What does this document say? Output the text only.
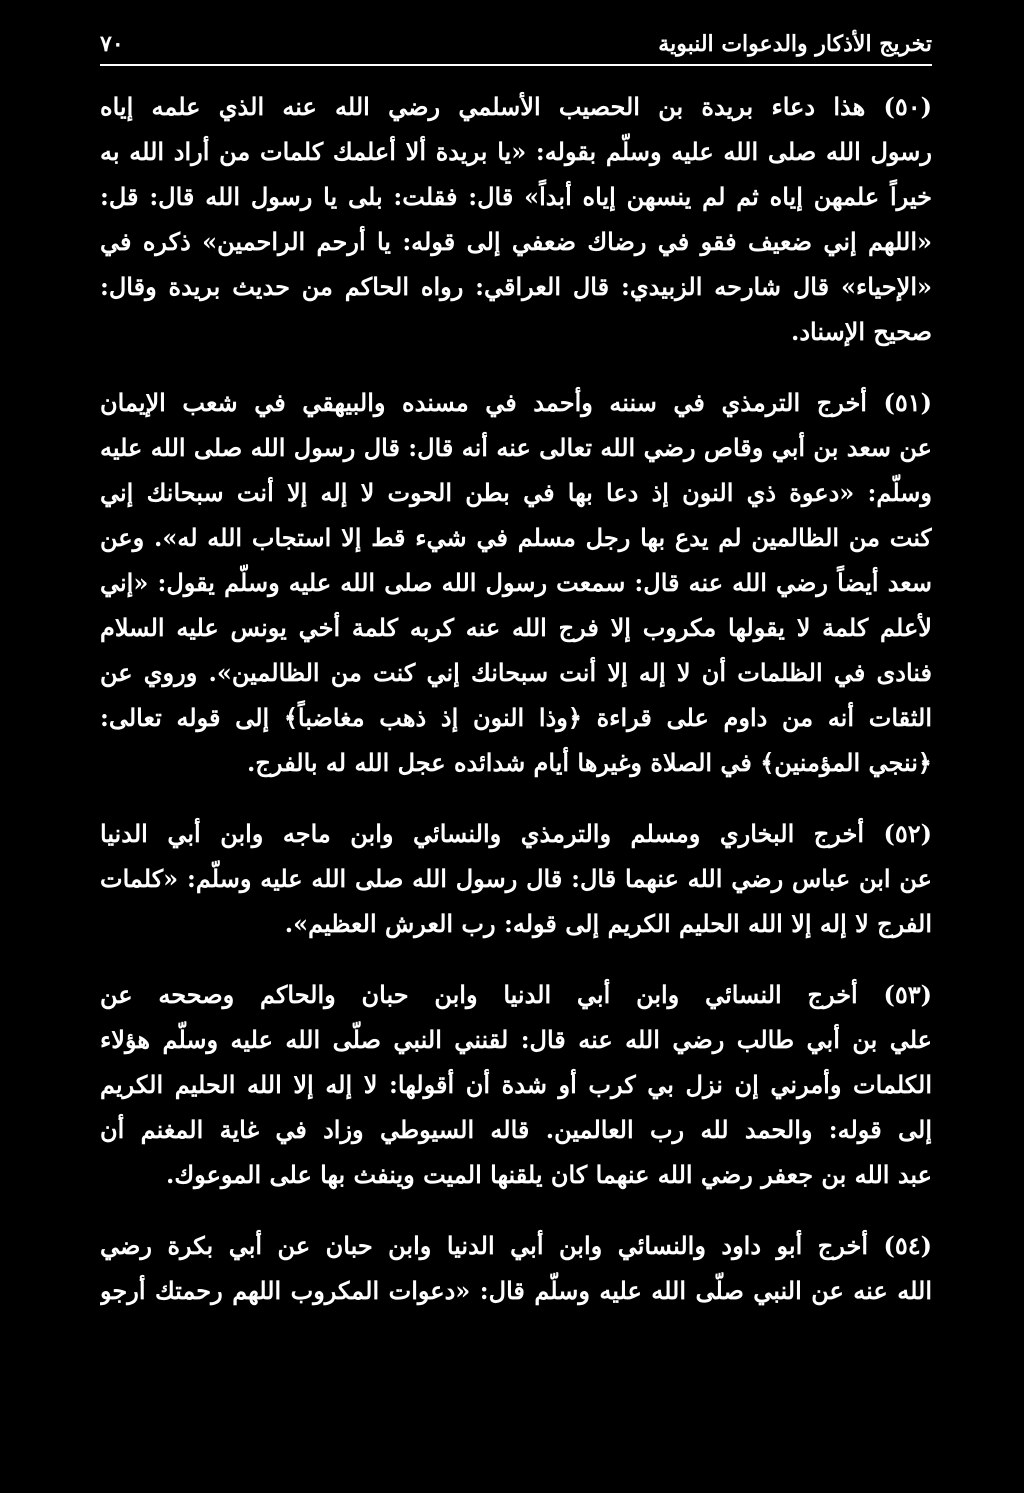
تخريج الأذكار والدعوات النبوية
٧٠
(٥٠) هذا دعاء بريدة بن الحصيب الأسلمي رضي الله عنه الذي علمه إياه
رسول الله صلى الله عليه وسلّم بقوله: «يا بريدة ألا أعلمك كلمات من أراد الله به
خيراً علمهن إياه ثم لم ينسهن إياه أبداً» قال: فقلت: بلى يا رسول الله قال: قل:
«اللهم إني ضعيف فقو في رضاك ضعفي إلى قوله: يا أرحم الراحمين» ذكره في
«الإحياء» قال شارحه الزبيدي: قال العراقي: رواه الحاكم من حديث بريدة وقال:
صحيح الإسناد.
(٥١) أخرج الترمذي في سننه وأحمد في مسنده والبيهقي في شعب الإيمان
عن سعد بن أبي وقاص رضي الله تعالى عنه أنه قال: قال رسول الله صلى الله عليه
وسلّم: «دعوة ذي النون إذ دعا بها في بطن الحوت لا إله إلا أنت سبحانك إني
كنت من الظالمين لم يدع بها رجل مسلم في شيء قط إلا استجاب الله له». وعن
سعد أيضاً رضي الله عنه قال: سمعت رسول الله صلى الله عليه وسلّم يقول: «إني
لأعلم كلمة لا يقولها مكروب إلا فرج الله عنه كربه كلمة أخي يونس عليه السلام
فنادى في الظلمات أن لا إله إلا أنت سبحانك إني كنت من الظالمين». وروي عن
الثقات أنه من داوم على قراءة ﴿وذا النون إذ ذهب مغاضباً﴾ إلى قوله تعالى:
﴿ننجي المؤمنين﴾ في الصلاة وغيرها أيام شدائده عجل الله له بالفرج.
(٥٢) أخرج البخاري ومسلم والترمذي والنسائي وابن ماجه وابن أبي الدنيا
عن ابن عباس رضي الله عنهما قال: قال رسول الله صلى الله عليه وسلّم: «كلمات
الفرج لا إله إلا الله الحليم الكريم إلى قوله: رب العرش العظيم».
(٥٣) أخرج النسائي وابن أبي الدنيا وابن حبان والحاكم وصححه عن
علي بن أبي طالب رضي الله عنه قال: لقنني النبي صلّى الله عليه وسلّم هؤلاء
الكلمات وأمرني إن نزل بي كرب أو شدة أن أقولها: لا إله إلا الله الحليم الكريم
إلى قوله: والحمد لله رب العالمين. قاله السيوطي وزاد في غاية المغنم أن
عبد الله بن جعفر رضي الله عنهما كان يلقنها الميت وينفث بها على الموعوك.
(٥٤) أخرج أبو داود والنسائي وابن أبي الدنيا وابن حبان عن أبي بكرة رضي
الله عنه عن النبي صلّى الله عليه وسلّم قال: «دعوات المكروب اللهم رحمتك أرجو
